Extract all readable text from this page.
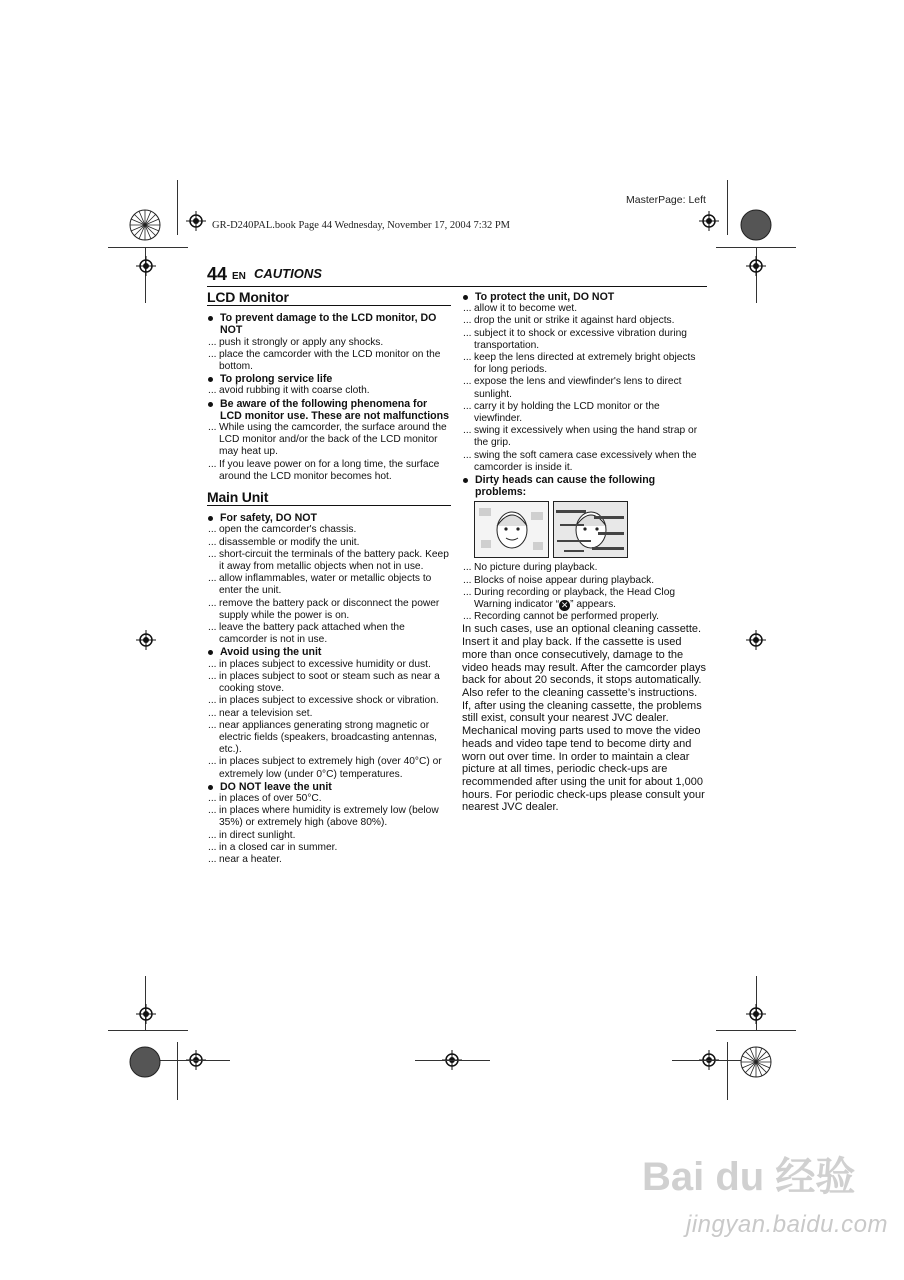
GR-D240PAL.book Page 44 Wednesday, November 17, 2004 7:32 PM
MasterPage: Left
44 EN CAUTIONS
LCD Monitor
To prevent damage to the LCD monitor, DO NOT
... push it strongly or apply any shocks.
... place the camcorder with the LCD monitor on the bottom.
To prolong service life
... avoid rubbing it with coarse cloth.
Be aware of the following phenomena for LCD monitor use. These are not malfunctions
... While using the camcorder, the surface around the LCD monitor and/or the back of the LCD monitor may heat up.
... If you leave power on for a long time, the surface around the LCD monitor becomes hot.
Main Unit
For safety, DO NOT
... open the camcorder's chassis.
... disassemble or modify the unit.
... short-circuit the terminals of the battery pack. Keep it away from metallic objects when not in use.
... allow inflammables, water or metallic objects to enter the unit.
... remove the battery pack or disconnect the power supply while the power is on.
... leave the battery pack attached when the camcorder is not in use.
Avoid using the unit
... in places subject to excessive humidity or dust.
... in places subject to soot or steam such as near a cooking stove.
... in places subject to excessive shock or vibration.
... near a television set.
... near appliances generating strong magnetic or electric fields (speakers, broadcasting antennas, etc.).
... in places subject to extremely high (over 40°C) or extremely low (under 0°C) temperatures.
DO NOT leave the unit
... in places of over 50°C.
... in places where humidity is extremely low (below 35%) or extremely high (above 80%).
... in direct sunlight.
... in a closed car in summer.
... near a heater.
To protect the unit, DO NOT
... allow it to become wet.
... drop the unit or strike it against hard objects.
... subject it to shock or excessive vibration during transportation.
... keep the lens directed at extremely bright objects for long periods.
... expose the lens and viewfinder's lens to direct sunlight.
... carry it by holding the LCD monitor or the viewfinder.
... swing it excessively when using the hand strap or the grip.
... swing the soft camera case excessively when the camcorder is inside it.
Dirty heads can cause the following problems:
... No picture during playback.
... Blocks of noise appear during playback.
... During recording or playback, the Head Clog Warning indicator “ ✕ ” appears.
... Recording cannot be performed properly.
In such cases, use an optional cleaning cassette. Insert it and play back. If the cassette is used more than once consecutively, damage to the video heads may result. After the camcorder plays back for about 20 seconds, it stops automatically. Also refer to the cleaning cassette’s instructions.
If, after using the cleaning cassette, the problems still exist, consult your nearest JVC dealer.
Mechanical moving parts used to move the video heads and video tape tend to become dirty and worn out over time. In order to maintain a clear picture at all times, periodic check-ups are recommended after using the unit for about 1,000 hours. For periodic check-ups please consult your nearest JVC dealer.
Bai du 经验
jingyan.baidu.com
